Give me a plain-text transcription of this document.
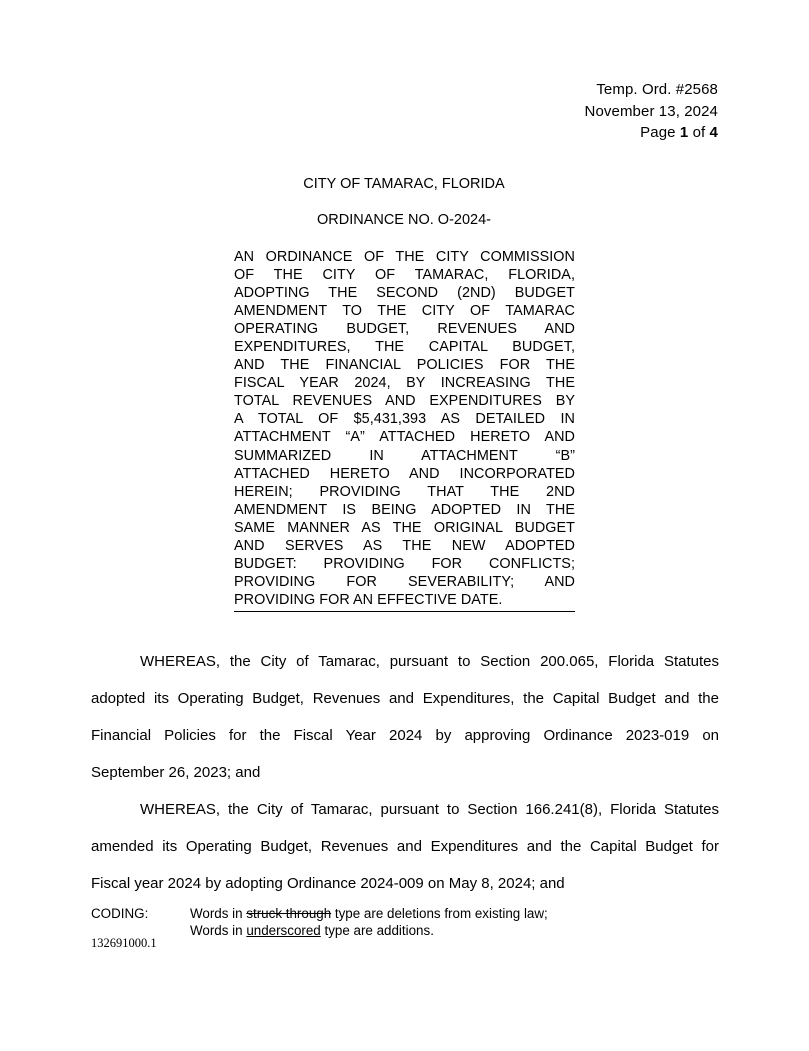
Temp. Ord. #2568
November 13, 2024
Page 1 of 4
CITY OF TAMARAC, FLORIDA
ORDINANCE NO. O-2024-
AN ORDINANCE OF THE CITY COMMISSION
OF THE CITY OF TAMARAC, FLORIDA,
ADOPTING THE SECOND (2ND) BUDGET
AMENDMENT TO THE CITY OF TAMARAC
OPERATING BUDGET, REVENUES AND
EXPENDITURES, THE CAPITAL BUDGET,
AND THE FINANCIAL POLICIES FOR THE
FISCAL YEAR 2024, BY INCREASING THE
TOTAL REVENUES AND EXPENDITURES BY
A TOTAL OF $5,431,393 AS DETAILED IN
ATTACHMENT “A” ATTACHED HERETO AND
SUMMARIZED IN ATTACHMENT “B”
ATTACHED HERETO AND INCORPORATED
HEREIN; PROVIDING THAT THE 2ND
AMENDMENT IS BEING ADOPTED IN THE
SAME MANNER AS THE ORIGINAL BUDGET
AND SERVES AS THE NEW ADOPTED
BUDGET: PROVIDING FOR CONFLICTS;
PROVIDING FOR SEVERABILITY; AND
PROVIDING FOR AN EFFECTIVE DATE.

WHEREAS, the City of Tamarac, pursuant to Section 200.065, Florida Statutes
adopted its Operating Budget, Revenues and Expenditures, the Capital Budget and the
Financial Policies for the Fiscal Year 2024 by approving Ordinance 2023-019 on
September 26, 2023; and

WHEREAS, the City of Tamarac, pursuant to Section 166.241(8), Florida Statutes
amended its Operating Budget, Revenues and Expenditures and the Capital Budget for
Fiscal year 2024 by adopting Ordinance 2024-009 on May 8, 2024; and

CODING:	Words in struck through type are deletions from existing law;
Words in underscored type are additions.
132691000.1
